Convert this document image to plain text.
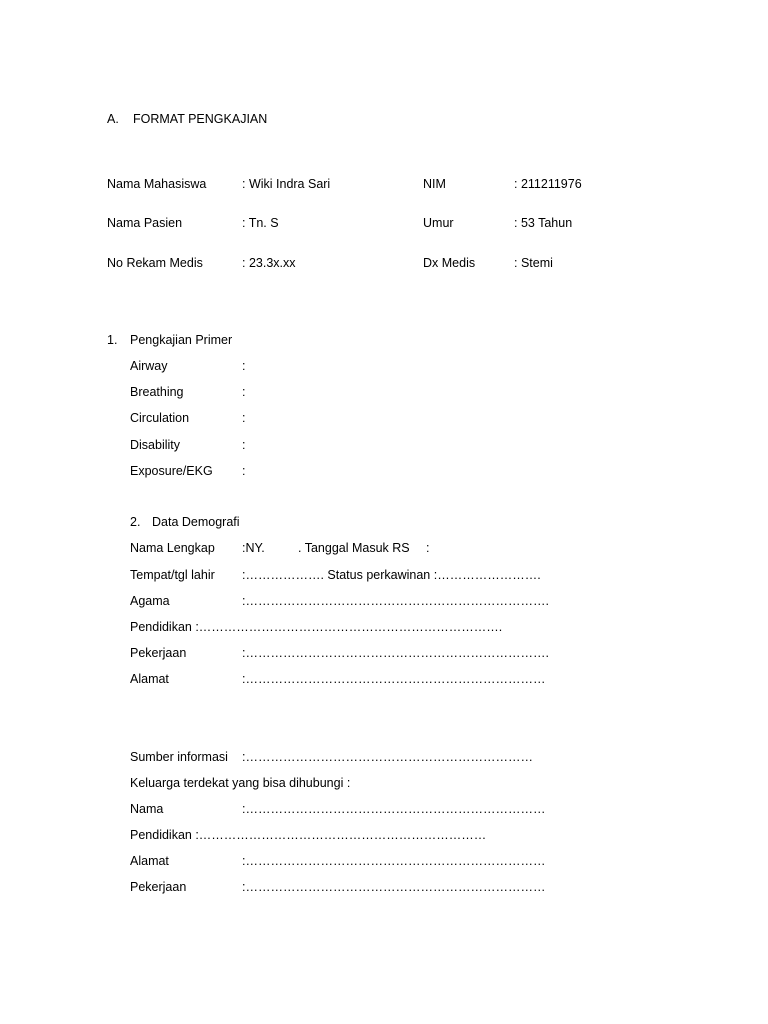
A. FORMAT PENGKAJIAN
Nama Mahasiswa	: Wiki Indra Sari	NIM	: 211211976
Nama Pasien	: Tn. S	Umur	: 53 Tahun
No Rekam Medis	: 23.3x.xx	Dx Medis	: Stemi
1. Pengkajian Primer
Airway	:
Breathing	:
Circulation	:
Disability	:
Exposure/EKG :
2. Data Demografi
Nama Lengkap :NY.	. Tanggal Masuk RS :
Tempat/tgl lahir :………………. Status perkawinan :…………………….
Agama	:……………………………………………………………….
Pendidikan :……………………………………………………………….
Pekerjaan	:……………………………………………………………….
Alamat	:………………………………………………………………
Sumber informasi :……………………………………………………………
Keluarga terdekat yang bisa dihubungi :
Nama	:………………………………………………………………
Pendidikan :……………………………………………………………
Alamat	:………………………………………………………………
Pekerjaan	:………………………………………………………………
